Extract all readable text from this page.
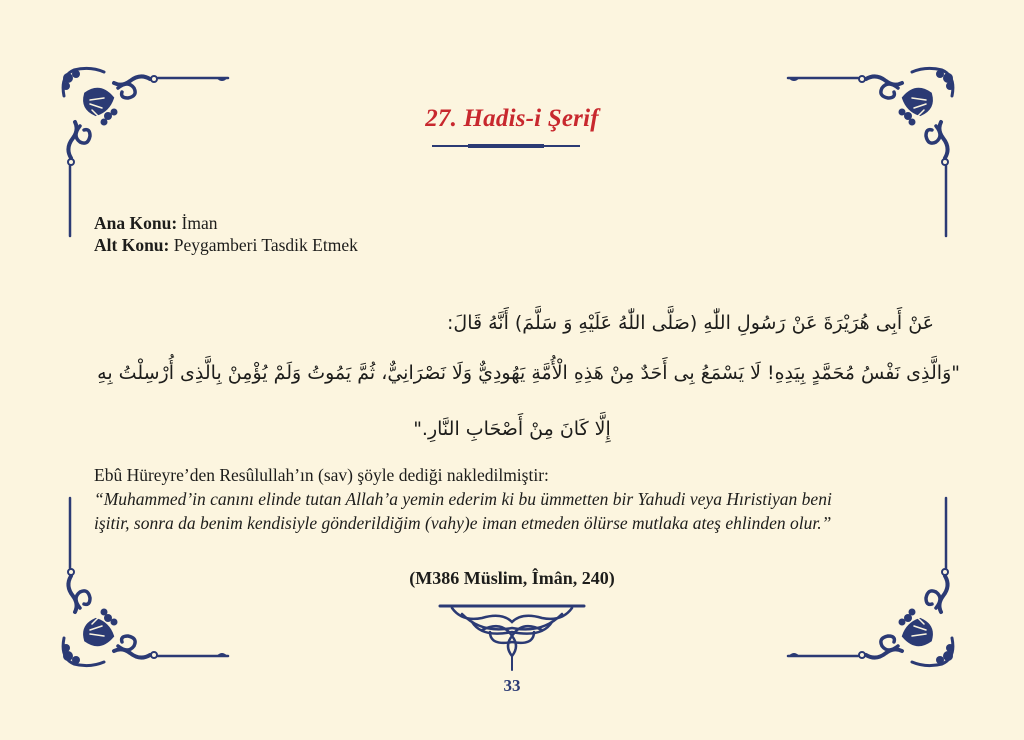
27. Hadis-i Şerif
Ana Konu: İman
Alt Konu: Peygamberi Tasdik Etmek
عَنْ أَبِى هُرَيْرَةَ عَنْ رَسُولِ اللّٰهِ (صَلَّى اللّٰهُ عَلَيْهِ وَ سَلَّمَ) أَنَّهُ قَالَ:
"وَالَّذِى نَفْسُ مُحَمَّدٍ بِيَدِهِ! لَا يَسْمَعُ بِى أَحَدٌ مِنْ هَذِهِ الْأُمَّةِ يَهُودِيٌّ وَلَا نَصْرَانِيٌّ، ثُمَّ يَمُوتُ وَلَمْ يُؤْمِنْ بِالَّذِى أُرْسِلْتُ بِهِ
إِلَّا كَانَ مِنْ أَصْحَابِ النَّارِ."
Ebû Hüreyre’den Resûlullah’ın (sav) şöyle dediği nakledilmiştir:
“Muhammed’in canını elinde tutan Allah’a yemin ederim ki bu ümmetten bir Yahudi veya Hıristiyan beni
işitir, sonra da benim kendisiyle gönderildiğim (vahy)e iman etmeden ölürse mutlaka ateş ehlinden olur.”
(M386 Müslim, Îmân, 240)
33
